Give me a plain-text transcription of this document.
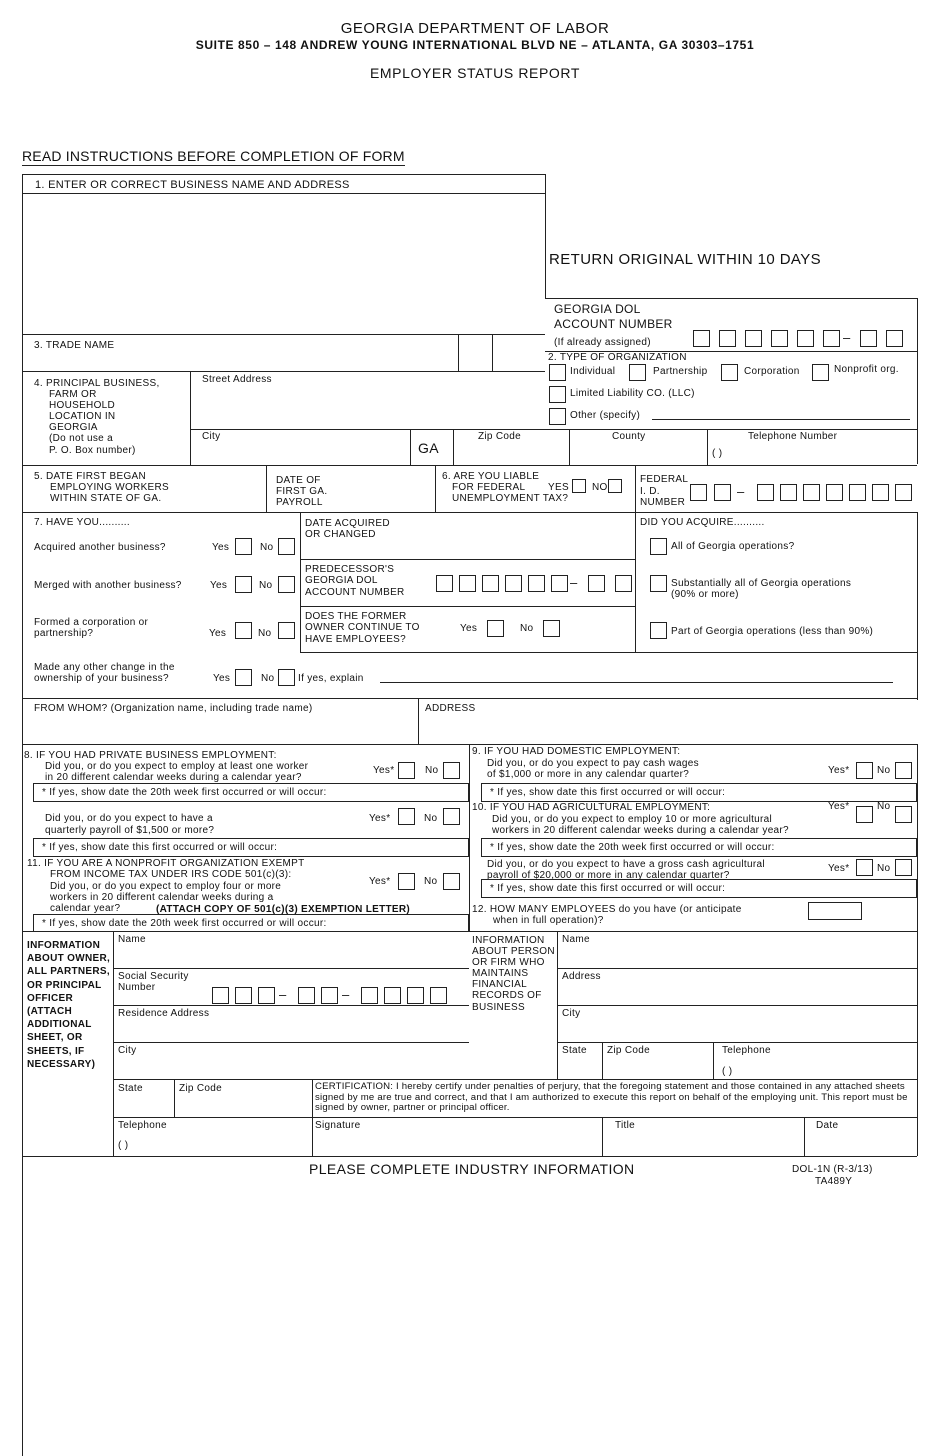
GEORGIA DEPARTMENT OF LABOR
SUITE 850 – 148 ANDREW YOUNG INTERNATIONAL BLVD NE – ATLANTA, GA 30303–1751
EMPLOYER STATUS REPORT
READ INSTRUCTIONS BEFORE COMPLETION OF FORM
1. ENTER OR CORRECT BUSINESS NAME AND ADDRESS
RETURN ORIGINAL WITHIN 10 DAYS
GEORGIA DOL
ACCOUNT NUMBER
(If already assigned)	–
3. TRADE NAME
2. TYPE OF ORGANIZATION
Individual	Partnership	Corporation	Nonprofit org.
Limited Liability CO. (LLC)
Other (specify)
4. PRINCIPAL BUSINESS,
FARM OR
HOUSEHOLD
LOCATION IN
GEORGIA
(Do not use a
P. O. Box number)
Street Address
City
GA
Zip Code	County	Telephone Number
( )
5. DATE FIRST BEGAN
EMPLOYING WORKERS
WITHIN STATE OF GA.
DATE OF
FIRST GA.
PAYROLL
6. ARE YOU LIABLE
FOR FEDERAL
UNEMPLOYMENT TAX?
YES NO
FEDERAL
I. D.
NUMBER
–
7. HAVE YOU..........
Acquired another business?	Yes	No
Merged with another business?	Yes	No
Formed a corporation or
partnership?	Yes	No
Made any other change in the
ownership of your business?	Yes	No If yes, explain
DATE ACQUIRED
OR CHANGED
PREDECESSOR'S
GEORGIA DOL
ACCOUNT NUMBER
–
DOES THE FORMER
OWNER CONTINUE TO
HAVE EMPLOYEES?
Yes	No
DID YOU ACQUIRE..........
All of Georgia operations?
Substantially all of Georgia operations
(90% or more)
Part of Georgia operations (less than 90%)
FROM WHOM? (Organization name, including trade name)	ADDRESS
8. IF YOU HAD PRIVATE BUSINESS EMPLOYMENT:
Did you, or do you expect to employ at least one worker
in 20 different calendar weeks during a calendar year?
Yes*	No
* If yes, show date the 20th week first occurred or will occur:
Did you, or do you expect to have a
quarterly payroll of $1,500 or more?
Yes*	No
* If yes, show date this first occurred or will occur:
11. IF YOU ARE A NONPROFIT ORGANIZATION EXEMPT
FROM INCOME TAX UNDER IRS CODE 501(c)(3):
Did you, or do you expect to employ four or more
workers in 20 different calendar weeks during a
calendar year?	(ATTACH COPY OF 501(c)(3) EXEMPTION LETTER)
Yes*	No
* If yes, show date the 20th week first occurred or will occur:
9. IF YOU HAD DOMESTIC EMPLOYMENT:
Did you, or do you expect to pay cash wages
of $1,000 or more in any calendar quarter?	Yes*	No
* If yes, show date this first occurred or will occur:
10. IF YOU HAD AGRICULTURAL EMPLOYMENT:
Did you, or do you expect to employ 10 or more agricultural
workers in 20 different calendar weeks during a calendar year?
Yes*	No
* If yes, show date the 20th week first occurred or will occur:
Did you, or do you expect to have a gross cash agricultural
payroll of $20,000 or more in any calendar quarter?
Yes*	No
* If yes, show date this first occurred or will occur:
12. HOW MANY EMPLOYEES do you have (or anticipate
when in full operation)?
INFORMATION ABOUT OWNER, ALL PARTNERS, OR PRINCIPAL OFFICER (ATTACH ADDITIONAL SHEET, OR SHEETS, IF NECESSARY)
Name
Social Security
Number	–	–
Residence Address
City
State	Zip Code
Telephone
( )
INFORMATION ABOUT PERSON OR FIRM WHO MAINTAINS FINANCIAL RECORDS OF BUSINESS
Name
Address
City
State Zip Code	Telephone
( )
CERTIFICATION: I hereby certify under penalties of perjury, that the foregoing statement and those contained in any attached sheets signed by me are true and correct, and that I am authorized to execute this report on behalf of the employing unit. This report must be signed by owner, partner or principal officer.
Signature	Title	Date
PLEASE COMPLETE INDUSTRY INFORMATION	DOL-1N (R-3/13)
TA489Y
